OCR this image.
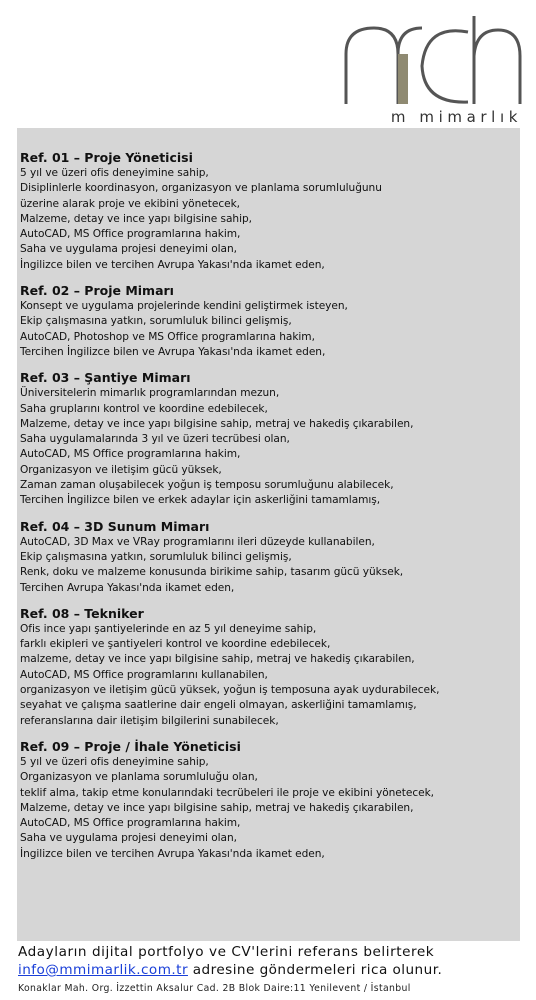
m mimarlık
Ref. 01 – Proje Yöneticisi
5 yıl ve üzeri ofis deneyimine sahip,
Disiplinlerle koordinasyon, organizasyon ve planlama sorumluluğunu
üzerine alarak proje ve ekibini yönetecek,
Malzeme, detay ve ince yapı bilgisine sahip,
AutoCAD, MS Office programlarına hakim,
Saha ve uygulama projesi deneyimi olan,
İngilizce bilen ve tercihen Avrupa Yakası'nda ikamet eden,
Ref. 02 – Proje Mimarı
Konsept ve uygulama projelerinde kendini geliştirmek isteyen,
Ekip çalışmasına yatkın, sorumluluk bilinci gelişmiş,
AutoCAD, Photoshop ve MS Office programlarına hakim,
Tercihen İngilizce bilen ve Avrupa Yakası'nda ikamet eden,
Ref. 03 – Şantiye Mimarı
Üniversitelerin mimarlık programlarından mezun,
Saha gruplarını kontrol ve koordine edebilecek,
Malzeme, detay ve ince yapı bilgisine sahip, metraj ve hakediş çıkarabilen,
Saha uygulamalarında 3 yıl ve üzeri tecrübesi olan,
AutoCAD, MS Office programlarına hakim,
Organizasyon ve iletişim gücü yüksek,
Zaman zaman oluşabilecek yoğun iş temposu sorumluğunu alabilecek,
Tercihen İngilizce bilen ve erkek adaylar için askerliğini tamamlamış,
Ref. 04 – 3D Sunum Mimarı
AutoCAD, 3D Max ve VRay programlarını ileri düzeyde kullanabilen,
Ekip çalışmasına yatkın, sorumluluk bilinci gelişmiş,
Renk, doku ve malzeme konusunda birikime sahip, tasarım gücü yüksek,
Tercihen Avrupa Yakası'nda ikamet eden,
Ref. 08 – Tekniker
Ofis ince yapı şantiyelerinde en az 5 yıl deneyime sahip,
farklı ekipleri ve şantiyeleri kontrol ve koordine edebilecek,
malzeme, detay ve ince yapı bilgisine sahip, metraj ve hakediş çıkarabilen,
AutoCAD, MS Office programlarını kullanabilen,
organizasyon ve iletişim gücü yüksek, yoğun iş temposuna ayak uydurabilecek,
seyahat ve çalışma saatlerine dair engeli olmayan, askerliğini tamamlamış,
referanslarına dair iletişim bilgilerini sunabilecek,
Ref. 09 – Proje / İhale Yöneticisi
5 yıl ve üzeri ofis deneyimine sahip,
Organizasyon ve planlama sorumluluğu olan,
teklif alma, takip etme konularındaki tecrübeleri ile proje ve ekibini yönetecek,
Malzeme, detay ve ince yapı bilgisine sahip, metraj ve hakediş çıkarabilen,
AutoCAD, MS Office programlarına hakim,
Saha ve uygulama projesi deneyimi olan,
İngilizce bilen ve tercihen Avrupa Yakası'nda ikamet eden,
Adayların dijital portfolyo ve CV'lerini referans belirterek
info@mmimarlik.com.tr adresine göndermeleri rica olunur.
Konaklar Mah. Org. İzzettin Aksalur Cad. 2B Blok Daire:11 Yenilevent / İstanbul
